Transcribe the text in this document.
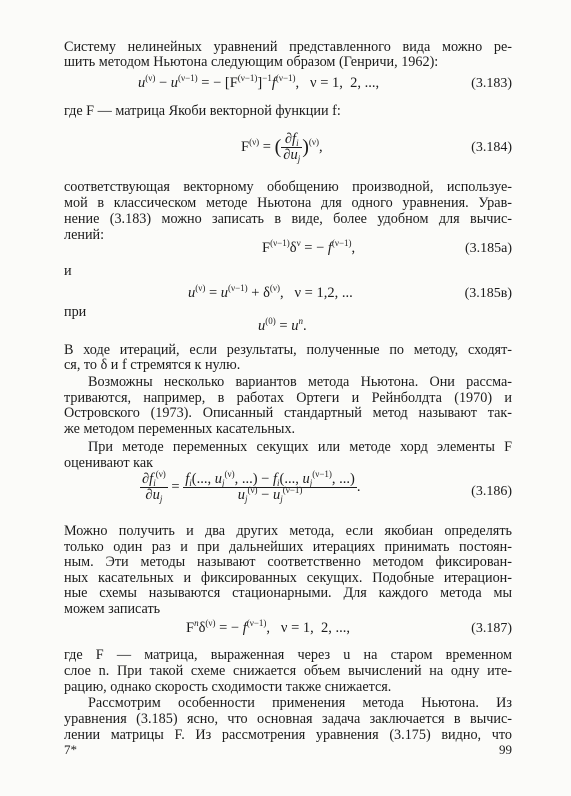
Систему нелинейных уравнений представленного вида можно ре-
шить методом Ньютона следующим образом (Генричи, 1962):
$u^{(\nu)} - u^{(\nu-1)}$ = − $[F^{(\nu-1)}]^{-1}f^{(\nu-1)}$,   ν = 1,  2, ...,	(3.183)
где F — матрица Якоби векторной функции f:
$F^{(\nu)}$ = ( $\frac{\partial f_i}{\partial u_j} )^{(\nu)}$,	(3.184)
соответствующая векторному обобщению производной, используе-
мой в классическом методе Ньютона для одного уравнения. Урав-
нение (3.183) можно записать в виде, более удобном для вычис-
лений:
$F^{(\nu-1)}\delta^\nu$ = − $f^{(\nu-1)}$,	(3.185а)
и
$u^{(\nu)} = u^{(\nu-1)} + \delta^{(\nu)}$,   ν = 1,2, ...	(3.185в)
при
$u^{(0)} = u^n$.
В ходе итераций, если результаты, полученные по методу, сходят-
ся, то δ и f стремятся к нулю.
Возможны несколько вариантов метода Ньютона. Они рассма-
триваются, например, в работах Ортеги и Рейнболдта (1970) и
Островского (1973). Описанный стандартный метод называют так-
же методом переменных касательных.
При методе переменных секущих или методе хорд элементы F
оценивают как
$\frac{\partial f_i^{(\nu)}}{\partial u_j} = \frac{f_i(..., u_j^{(\nu)}, ...) - f_i(..., u_j^{(\nu-1)}, ...)}{u_j^{(\nu)} - u_j^{(\nu-1)}}$ .	(3.186)
Можно получить и два других метода, если якобиан определять
только один раз и при дальнейших итерациях принимать постоян-
ным. Эти методы называют соответственно методом фиксирован-
ных касательных и фиксированных секущих. Подобные итерацион-
ные схемы называются стационарными. Для каждого метода мы
можем записать
$F^n\delta^{(\nu)}$ = − $f^{(\nu-1)}$,   ν = 1,  2, ...,	(3.187)
где F — матрица, выраженная через u на старом временном
слое n. При такой схеме снижается объем вычислений на одну ите-
рацию, однако скорость сходимости также снижается.
Рассмотрим особенности применения метода Ньютона. Из
уравнения (3.185) ясно, что основная задача заключается в вычис-
лении матрицы F. Из рассмотрения уравнения (3.175) видно, что
7*	99
